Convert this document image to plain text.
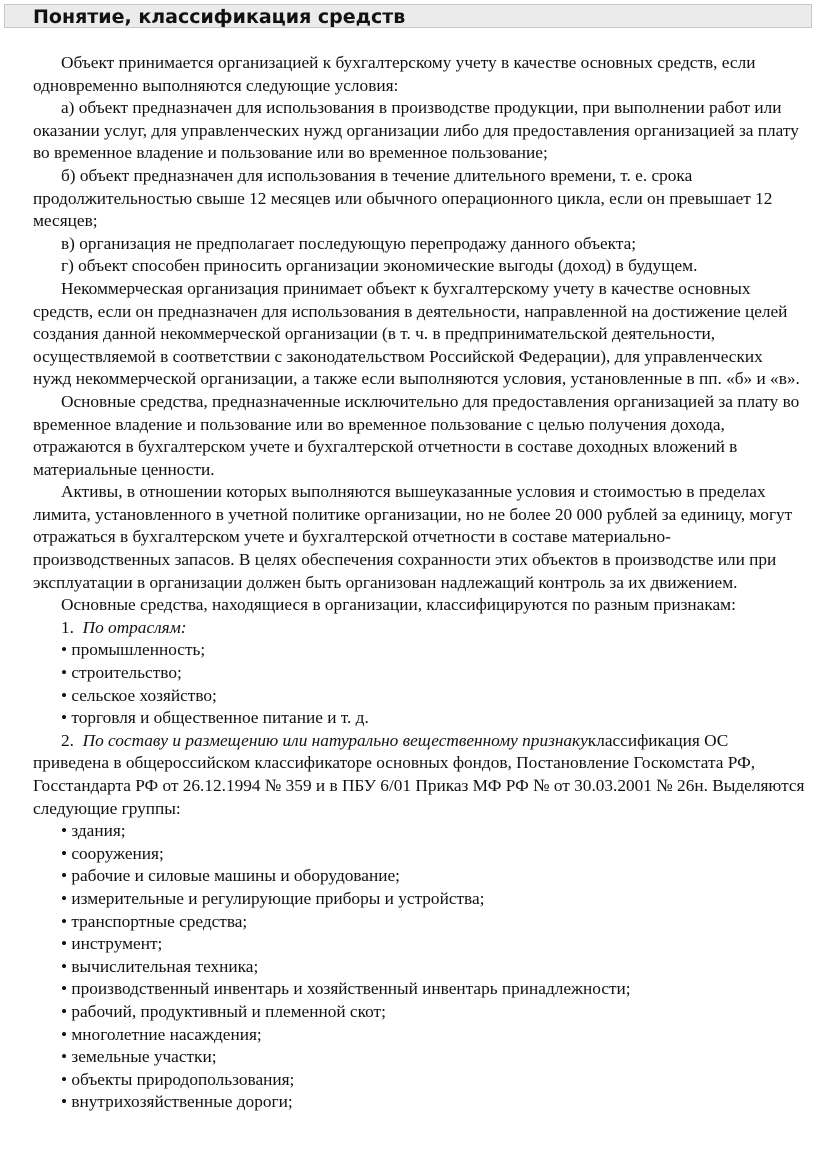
Понятие, классификация средств

Объект принимается организацией к бухгалтерскому учету в качестве основных средств, если одновременно выполняются следующие условия:

а) объект предназначен для использования в производстве продукции, при выполнении работ или оказании услуг, для управленческих нужд организации либо для предоставления организацией за плату во временное владение и пользование или во временное пользование;

б) объект предназначен для использования в течение длительного времени, т. е. срока продолжительностью свыше 12 месяцев или обычного операционного цикла, если он превышает 12 месяцев;

в) организация не предполагает последующую перепродажу данного объекта;

г) объект способен приносить организации экономические выгоды (доход) в будущем.

Некоммерческая организация принимает объект к бухгалтерскому учету в качестве основных средств, если он предназначен для использования в деятельности, направленной на достижение целей создания данной некоммерческой организации (в т. ч. в предпринимательской деятельности, осуществляемой в соответствии с законодательством Российской Федерации), для управленческих нужд некоммерческой организации, а также если выполняются условия, установленные в пп. «б» и «в».

Основные средства, предназначенные исключительно для предоставления организацией за плату во временное владение и пользование или во временное пользование с целью получения дохода, отражаются в бухгалтерском учете и бухгалтерской отчетности в составе доходных вложений в материальные ценности.

Активы, в отношении которых выполняются вышеуказанные условия и стоимостью в пределах лимита, установленного в учетной политике организации, но не более 20 000 рублей за единицу, могут отражаться в бухгалтерском учете и бухгалтерской отчетности в составе материально-производственных запасов. В целях обеспечения сохранности этих объектов в производстве или при эксплуатации в организации должен быть организован надлежащий контроль за их движением.

Основные средства, находящиеся в организации, классифицируются по разным признакам:

1. По отраслям:

• промышленность;

• строительство;

• сельское хозяйство;

• торговля и общественное питание и т. д.

2. По составу и размещению или натурально вещественному признакуклассификация ОС приведена в общероссийском классификаторе основных фондов, Постановление Госкомстата РФ, Госстандарта РФ от 26.12.1994 № 359 и в ПБУ 6/01 Приказ МФ РФ № от 30.03.2001 № 26н. Выделяются следующие группы:

• здания;

• сооружения;

• рабочие и силовые машины и оборудование;

• измерительные и регулирующие приборы и устройства;

• транспортные средства;

• инструмент;

• вычислительная техника;

• производственный инвентарь и хозяйственный инвентарь принадлежности;

• рабочий, продуктивный и племенной скот;

• многолетние насаждения;

• земельные участки;

• объекты природопользования;

• внутрихозяйственные дороги;
